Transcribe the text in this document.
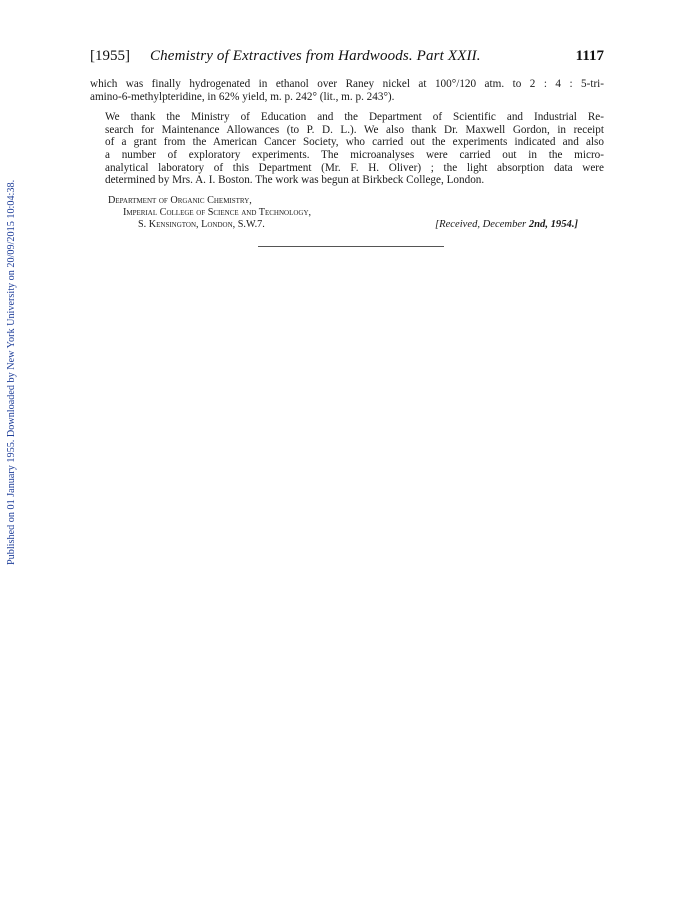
Published on 01 January 1955. Downloaded by New York University on 20/09/2015 10:04:38.
[1955] Chemistry of Extractives from Hardwoods. Part XXII.	1117

which was finally hydrogenated in ethanol over Raney nickel at 100°/120 atm. to 2 : 4 : 5-tri-
amino-6-methylpteridine, in 62% yield, m. p. 242° (lit., m. p. 243°).

We thank the Ministry of Education and the Department of Scientific and Industrial Re-
search for Maintenance Allowances (to P. D. L.). We also thank Dr. Maxwell Gordon, in receipt
of a grant from the American Cancer Society, who carried out the experiments indicated and also
a number of exploratory experiments. The microanalyses were carried out in the micro-
analytical laboratory of this Department (Mr. F. H. Oliver) ; the light absorption data were
determined by Mrs. A. I. Boston. The work was begun at Birkbeck College, London.

Department of Organic Chemistry,
Imperial College of Science and Technology,
S. Kensington, London, S.W.7.	[Received, December 2nd, 1954.]
